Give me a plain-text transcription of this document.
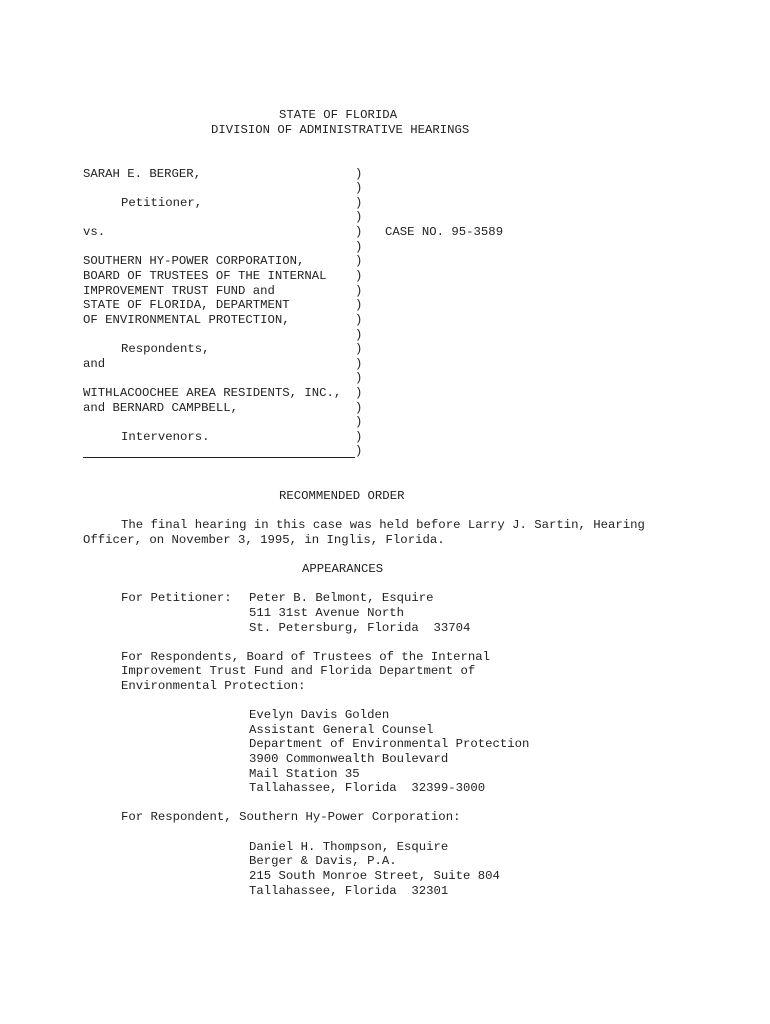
STATE OF FLORIDA
DIVISION OF ADMINISTRATIVE HEARINGS
SARAH E. BERGER,
Petitioner,
vs.
SOUTHERN HY-POWER CORPORATION,
BOARD OF TRUSTEES OF THE INTERNAL
IMPROVEMENT TRUST FUND and
STATE OF FLORIDA, DEPARTMENT
OF ENVIRONMENTAL PROTECTION,
Respondents,
and
WITHLACOOCHEE AREA RESIDENTS, INC.,
and BERNARD CAMPBELL,
Intervenors.
)
)
)
)
)
)
)
)
)
)
)
)
)
)
)
)
)
)
)
)
CASE NO. 95-3589
RECOMMENDED ORDER
The final hearing in this case was held before Larry J. Sartin, Hearing
Officer, on November 3, 1995, in Inglis, Florida.
APPEARANCES
For Petitioner: Peter B. Belmont, Esquire
511 31st Avenue North
St. Petersburg, Florida  33704
For Respondents, Board of Trustees of the Internal
Improvement Trust Fund and Florida Department of
Environmental Protection:
Evelyn Davis Golden
Assistant General Counsel
Department of Environmental Protection
3900 Commonwealth Boulevard
Mail Station 35
Tallahassee, Florida  32399-3000
For Respondent, Southern Hy-Power Corporation:
Daniel H. Thompson, Esquire
Berger & Davis, P.A.
215 South Monroe Street, Suite 804
Tallahassee, Florida  32301
